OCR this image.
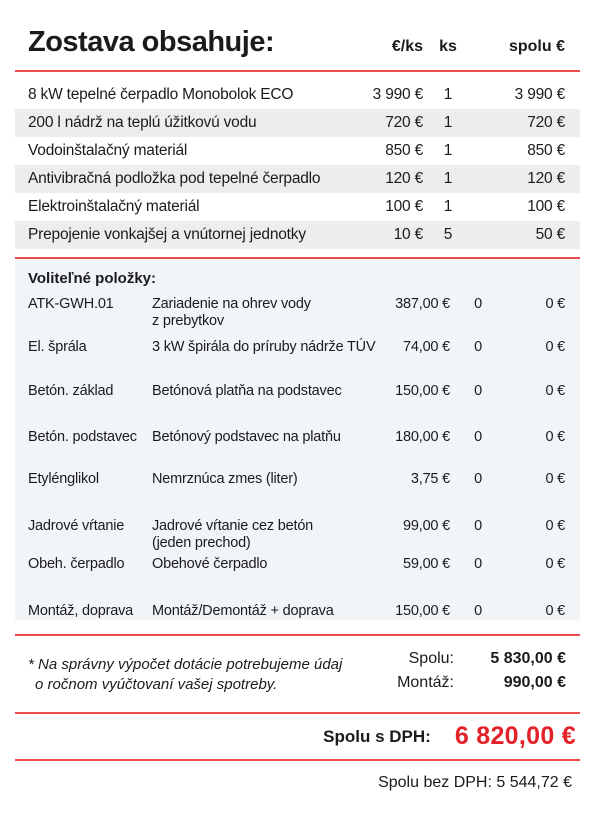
Zostava obsahuje:	€/ks	ks	spolu €
8 kW tepelné čerpadlo Monobolok ECO	3 990 €	1	3 990 €
200 l nádrž na teplú úžitkovú vodu	720 €	1	720 €
Vodoinštalačný materiál	850 €	1	850 €
Antivibračná podložka pod tepelné čerpadlo	120 €	1	120 €
Elektroinštalačný materiál	100 €	1	100 €
Prepojenie vonkajšej a vnútornej jednotky	10 €	5	50 €
Voliteľné položky:
ATK-GWH.01	Zariadenie na ohrev vody
z prebytkov
387,00 €	0	0 €
El. šprála	3 kW špirála do príruby nádrže TÚV	74,00 €	0	0 €
Betón. základ	Betónová platňa na podstavec	150,00 €	0	0 €
Betón. podstavec	Betónový podstavec na platňu	180,00 €	0	0 €
Etylénglikol	Nemrznúca zmes (liter)	3,75 €	0	0 €
Jadrové vŕtanie	Jadrové vŕtanie cez betón
(jeden prechod)
99,00 €	0	0 €
Obeh. čerpadlo	Obehové čerpadlo	59,00 €	0	0 €
Montáž, doprava	Montáž/Demontáž + doprava	150,00 €	0	0 €
* Na správny výpočet dotácie potrebujeme údaj
o ročnom vyúčtovaní vašej spotreby.
Spolu:	5 830,00 €
Montáž:	990,00 €
Spolu s DPH: 6 820,00 €
Spolu bez DPH: 5 544,72 €
